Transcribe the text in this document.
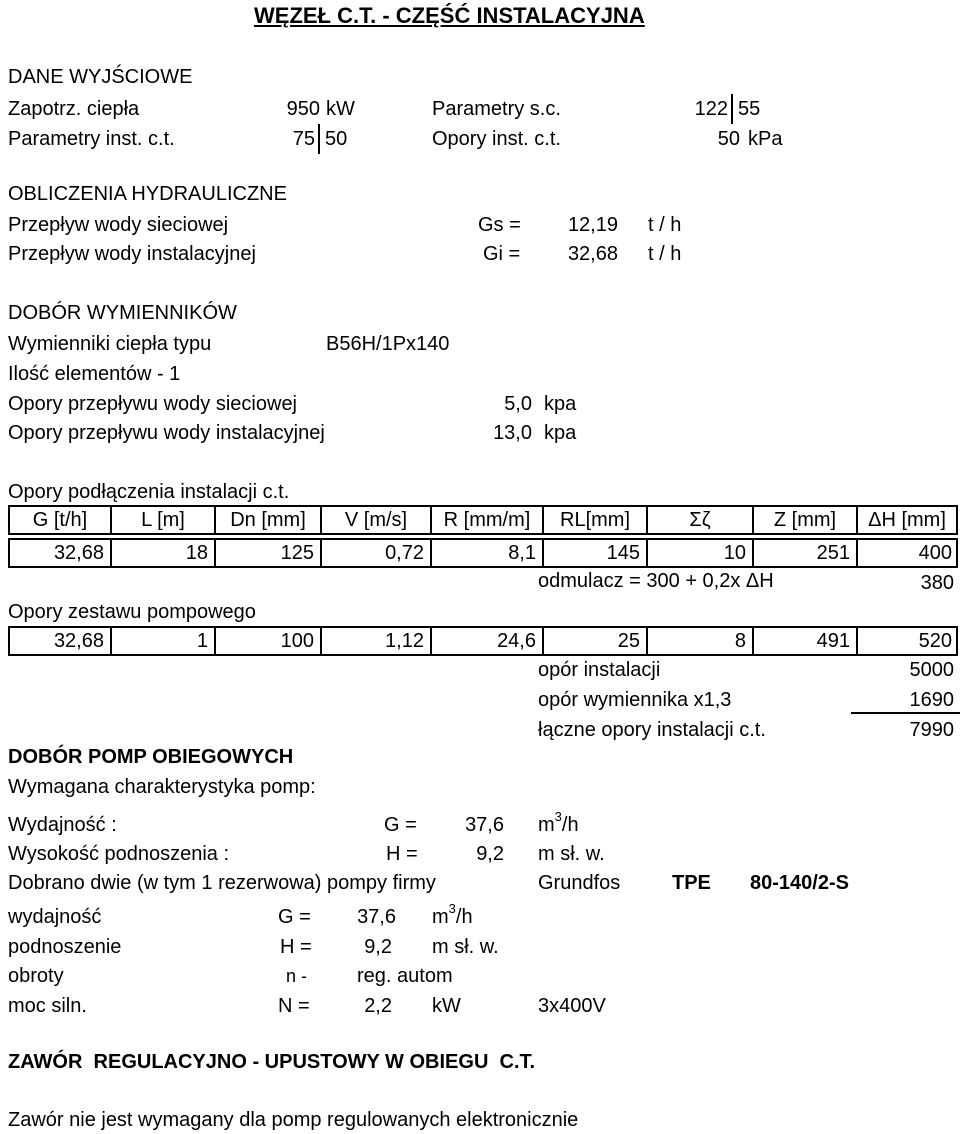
WĘZEŁ C.T. - CZĘŚĆ INSTALACYJNA
DANE WYJŚCIOWE
Zapotrz. ciepła	950 kW	Parametry s.c.	122 55
Parametry inst. c.t.	75 50	Opory inst. c.t.	50 kPa
OBLICZENIA HYDRAULICZNE
Przepływ wody sieciowej	Gs =	12,19 t / h
Przepływ wody instalacyjnej	Gi =	32,68 t / h
DOBÓR WYMIENNIKÓW
Wymienniki ciepła typu	B56H/1Px140
Ilość elementów - 1
Opory przepływu wody sieciowej	5,0 kpa
Opory przepływu wody instalacyjnej	13,0 kpa
Opory podłączenia instalacji c.t.
G [t/h]	L [m]	Dn [mm]	V [m/s]	R [mm/m]	RL[mm]	Σζ	Z [mm]	ΔH [mm]
32,68	18	125	0,72	8,1	145	10	251	400
odmulacz = 300 + 0,2x ΔH	380
Opory zestawu pompowego
32,68	1	100	1,12	24,6	25	8	491	520
opór instalacji	5000
opór wymiennika x1,3	1690
łączne opory instalacji c.t.	7990
DOBÓR POMP OBIEGOWYCH
Wymagana charakterystyka pomp:
Wydajność :	G =	37,6 $m^3/h$
Wysokość podnoszenia :	H =	9,2 m sł. w.
Dobrano dwie (w tym 1 rezerwowa) pompy firmy	Grundfos	TPE 80-140/2-S
wydajność	G =	37,6 $m^3/h$
podnoszenie	H =	9,2 m sł. w.
obroty	n - reg. autom
moc siln.	N =	2,2 kW	3x400V
ZAWÓR  REGULACYJNO - UPUSTOWY W OBIEGU  C.T.
Zawór nie jest wymagany dla pomp regulowanych elektronicznie
